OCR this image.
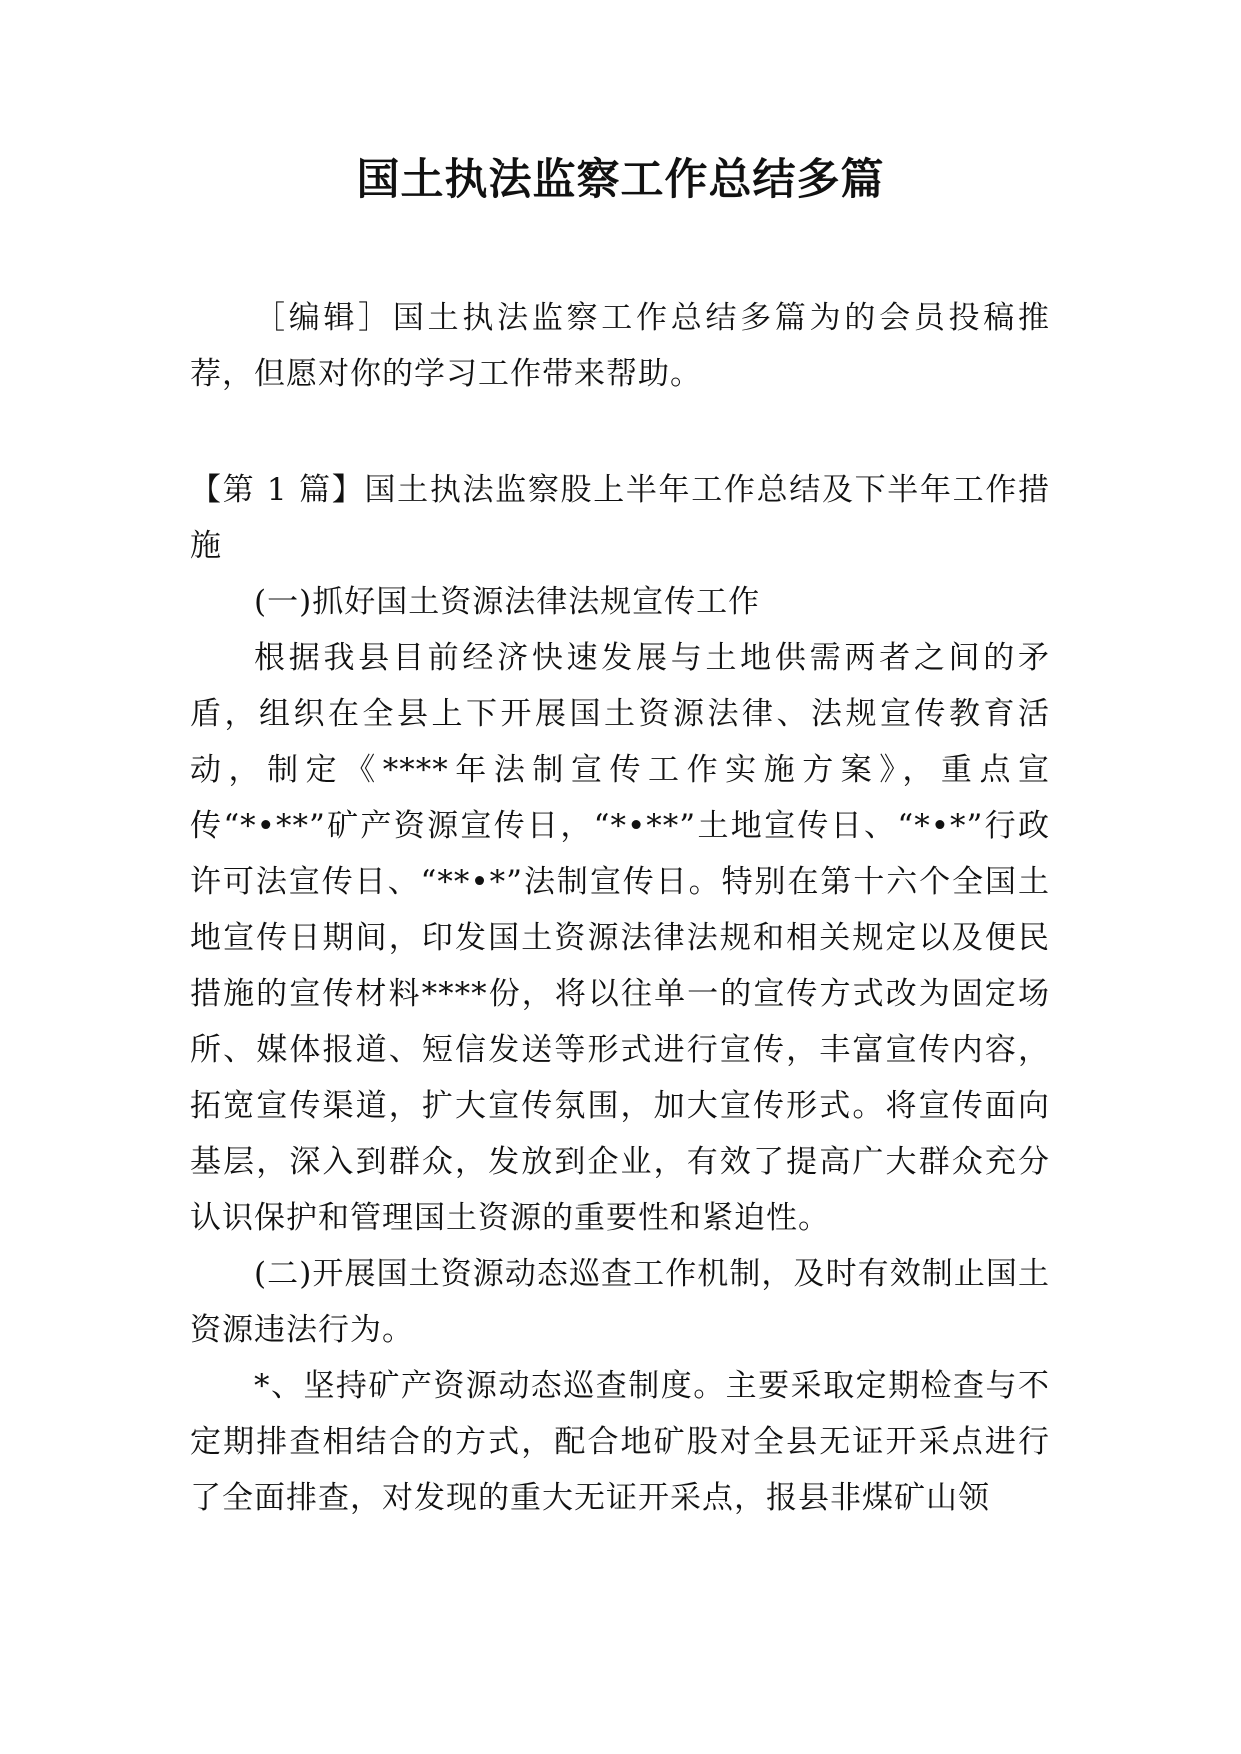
国土执法监察工作总结多篇

［编辑］国土执法监察工作总结多篇为的会员投稿推荐，但愿对你的学习工作带来帮助。

【第 1 篇】国土执法监察股上半年工作总结及下半年工作措施

(一)抓好国土资源法律法规宣传工作

根据我县目前经济快速发展与土地供需两者之间的矛盾，组织在全县上下开展国土资源法律、法规宣传教育活动，制定《****年法制宣传工作实施方案》，重点宣传“*•**”矿产资源宣传日，“*•**”土地宣传日、“*•*”行政许可法宣传日、“**•*”法制宣传日。特别在第十六个全国土地宣传日期间，印发国土资源法律法规和相关规定以及便民措施的宣传材料****份，将以往单一的宣传方式改为固定场所、媒体报道、短信发送等形式进行宣传，丰富宣传内容，拓宽宣传渠道，扩大宣传氛围，加大宣传形式。将宣传面向基层，深入到群众，发放到企业，有效了提高广大群众充分认识保护和管理国土资源的重要性和紧迫性。

(二)开展国土资源动态巡查工作机制，及时有效制止国土资源违法行为。

*、坚持矿产资源动态巡查制度。主要采取定期检查与不定期排查相结合的方式，配合地矿股对全县无证开采点进行了全面排查，对发现的重大无证开采点，报县非煤矿山领
